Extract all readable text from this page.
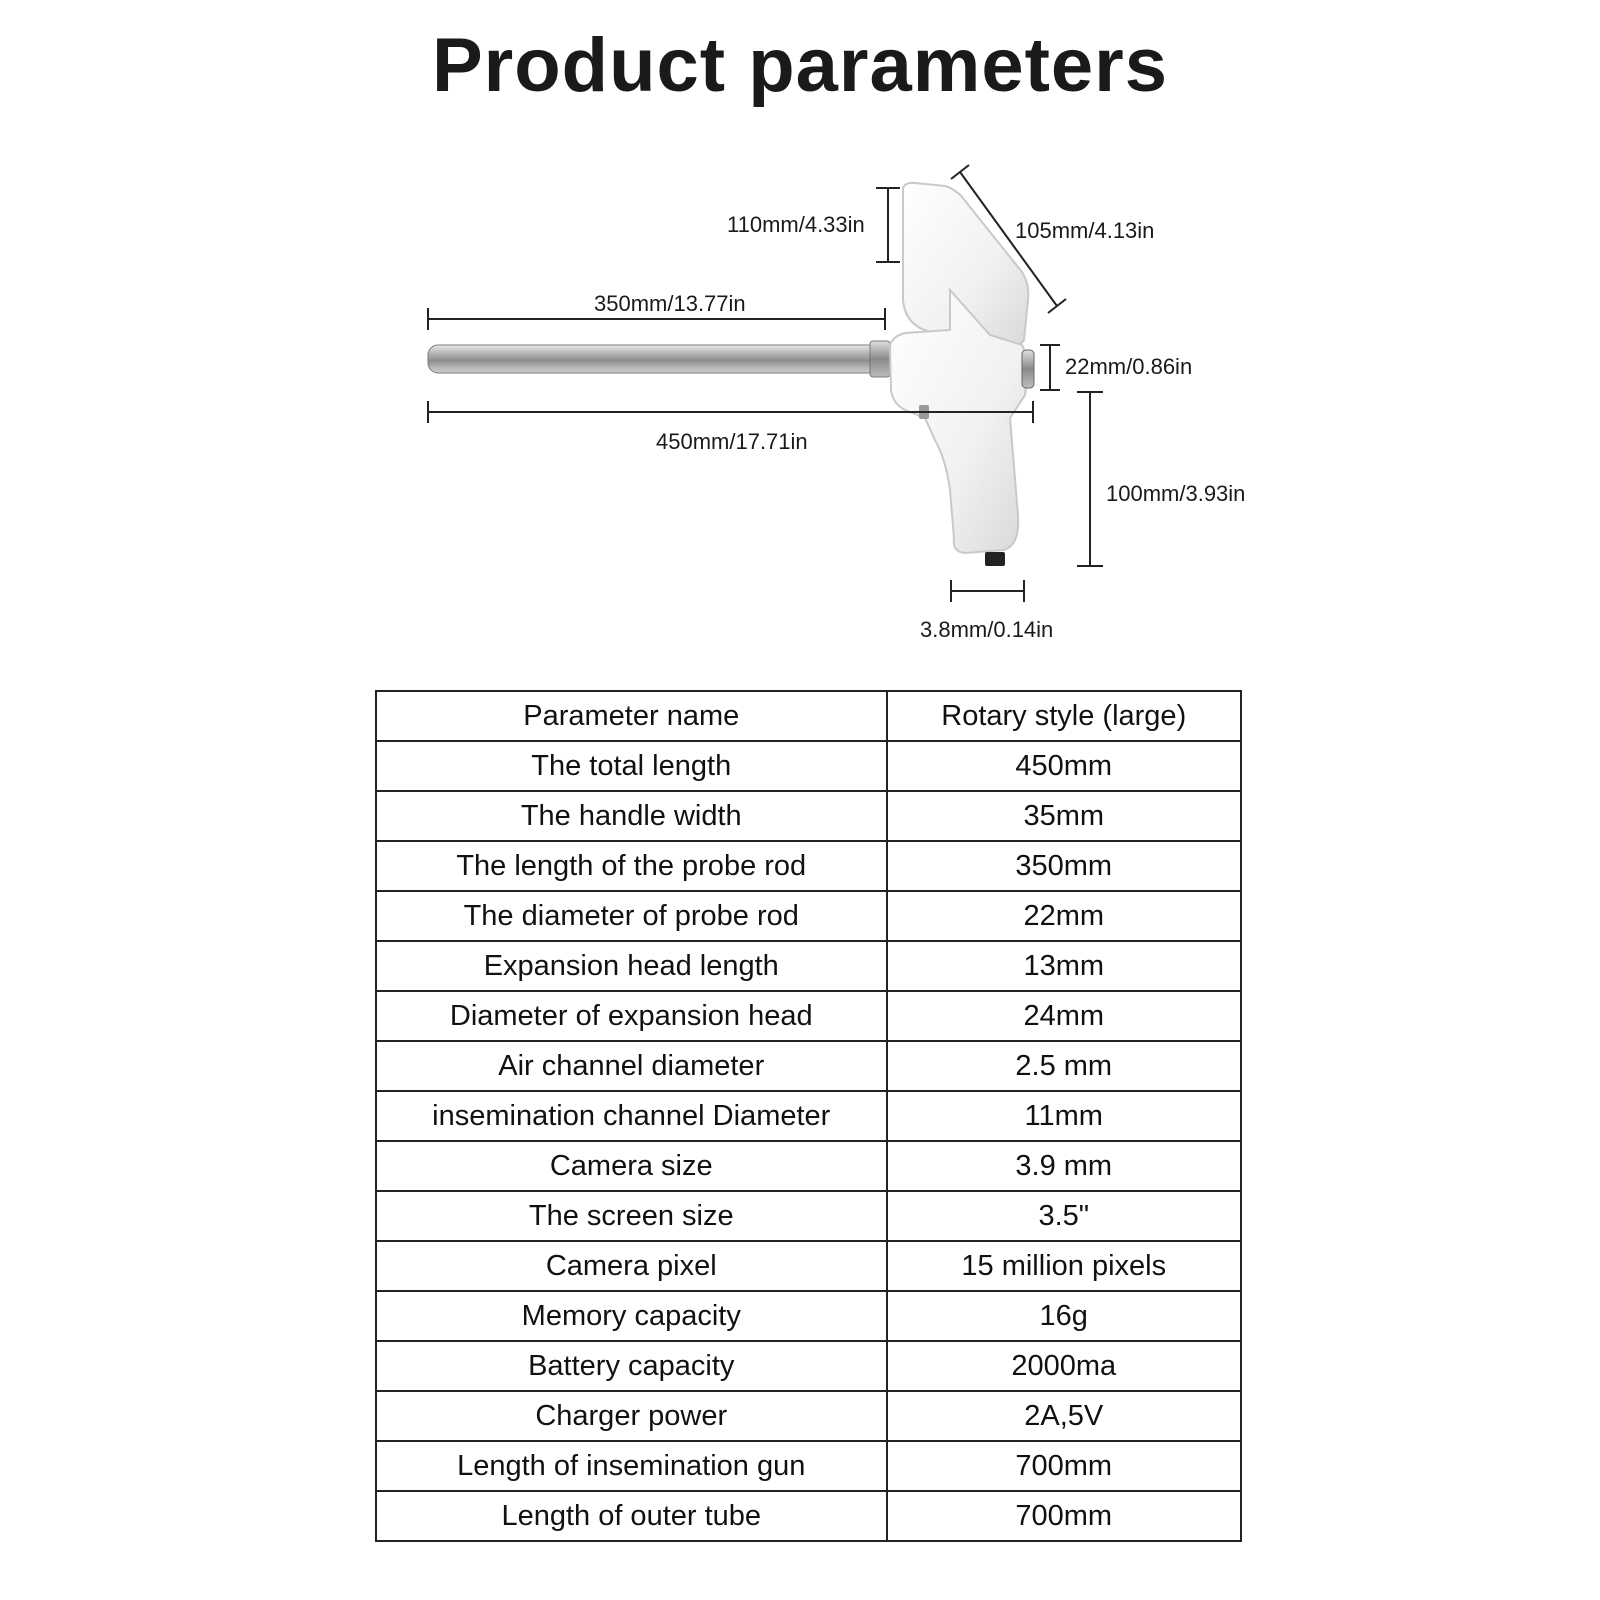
Product parameters
110mm/4.33in	105mm/4.13in
350mm/13.77in
22mm/0.86in
450mm/17.71in
100mm/3.93in
3.8mm/0.14in
Parameter name	Rotary style (large)
The total length	450mm
The handle width	35mm
The length of the probe rod	350mm
The diameter of probe rod	22mm
Expansion head length	13mm
Diameter of expansion head	24mm
Air channel diameter	2.5 mm
insemination channel Diameter	11mm
Camera size	3.9 mm
The screen size	3.5"
Camera pixel	15 million pixels
Memory capacity	16g
Battery capacity	2000ma
Charger power	2A,5V
Length of insemination gun	700mm
Length of outer tube	700mm
